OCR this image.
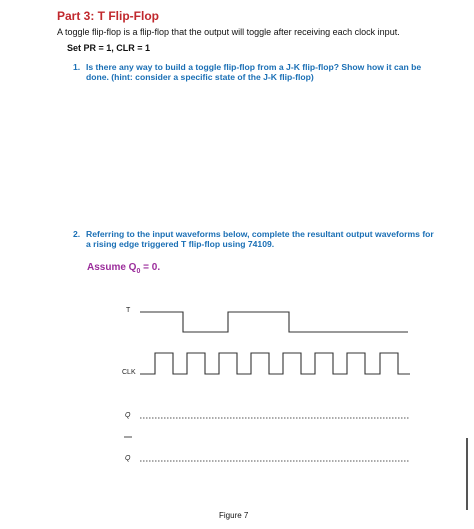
Part 3: T Flip-Flop
A toggle flip-flop is a flip-flop that the output will toggle after receiving each clock input.
Set PR = 1, CLR = 1
1. Is there any way to build a toggle flip-flop from a J-K flip-flop? Show how it can be
done. (hint: consider a specific state of the J-K flip-flop)
2. Referring to the input waveforms below, complete the resultant output waveforms for
a rising edge triggered T flip-flop using 74109.
Assume $Q_0 = 0$.
T
CLK
Q
Q
Figure 7
